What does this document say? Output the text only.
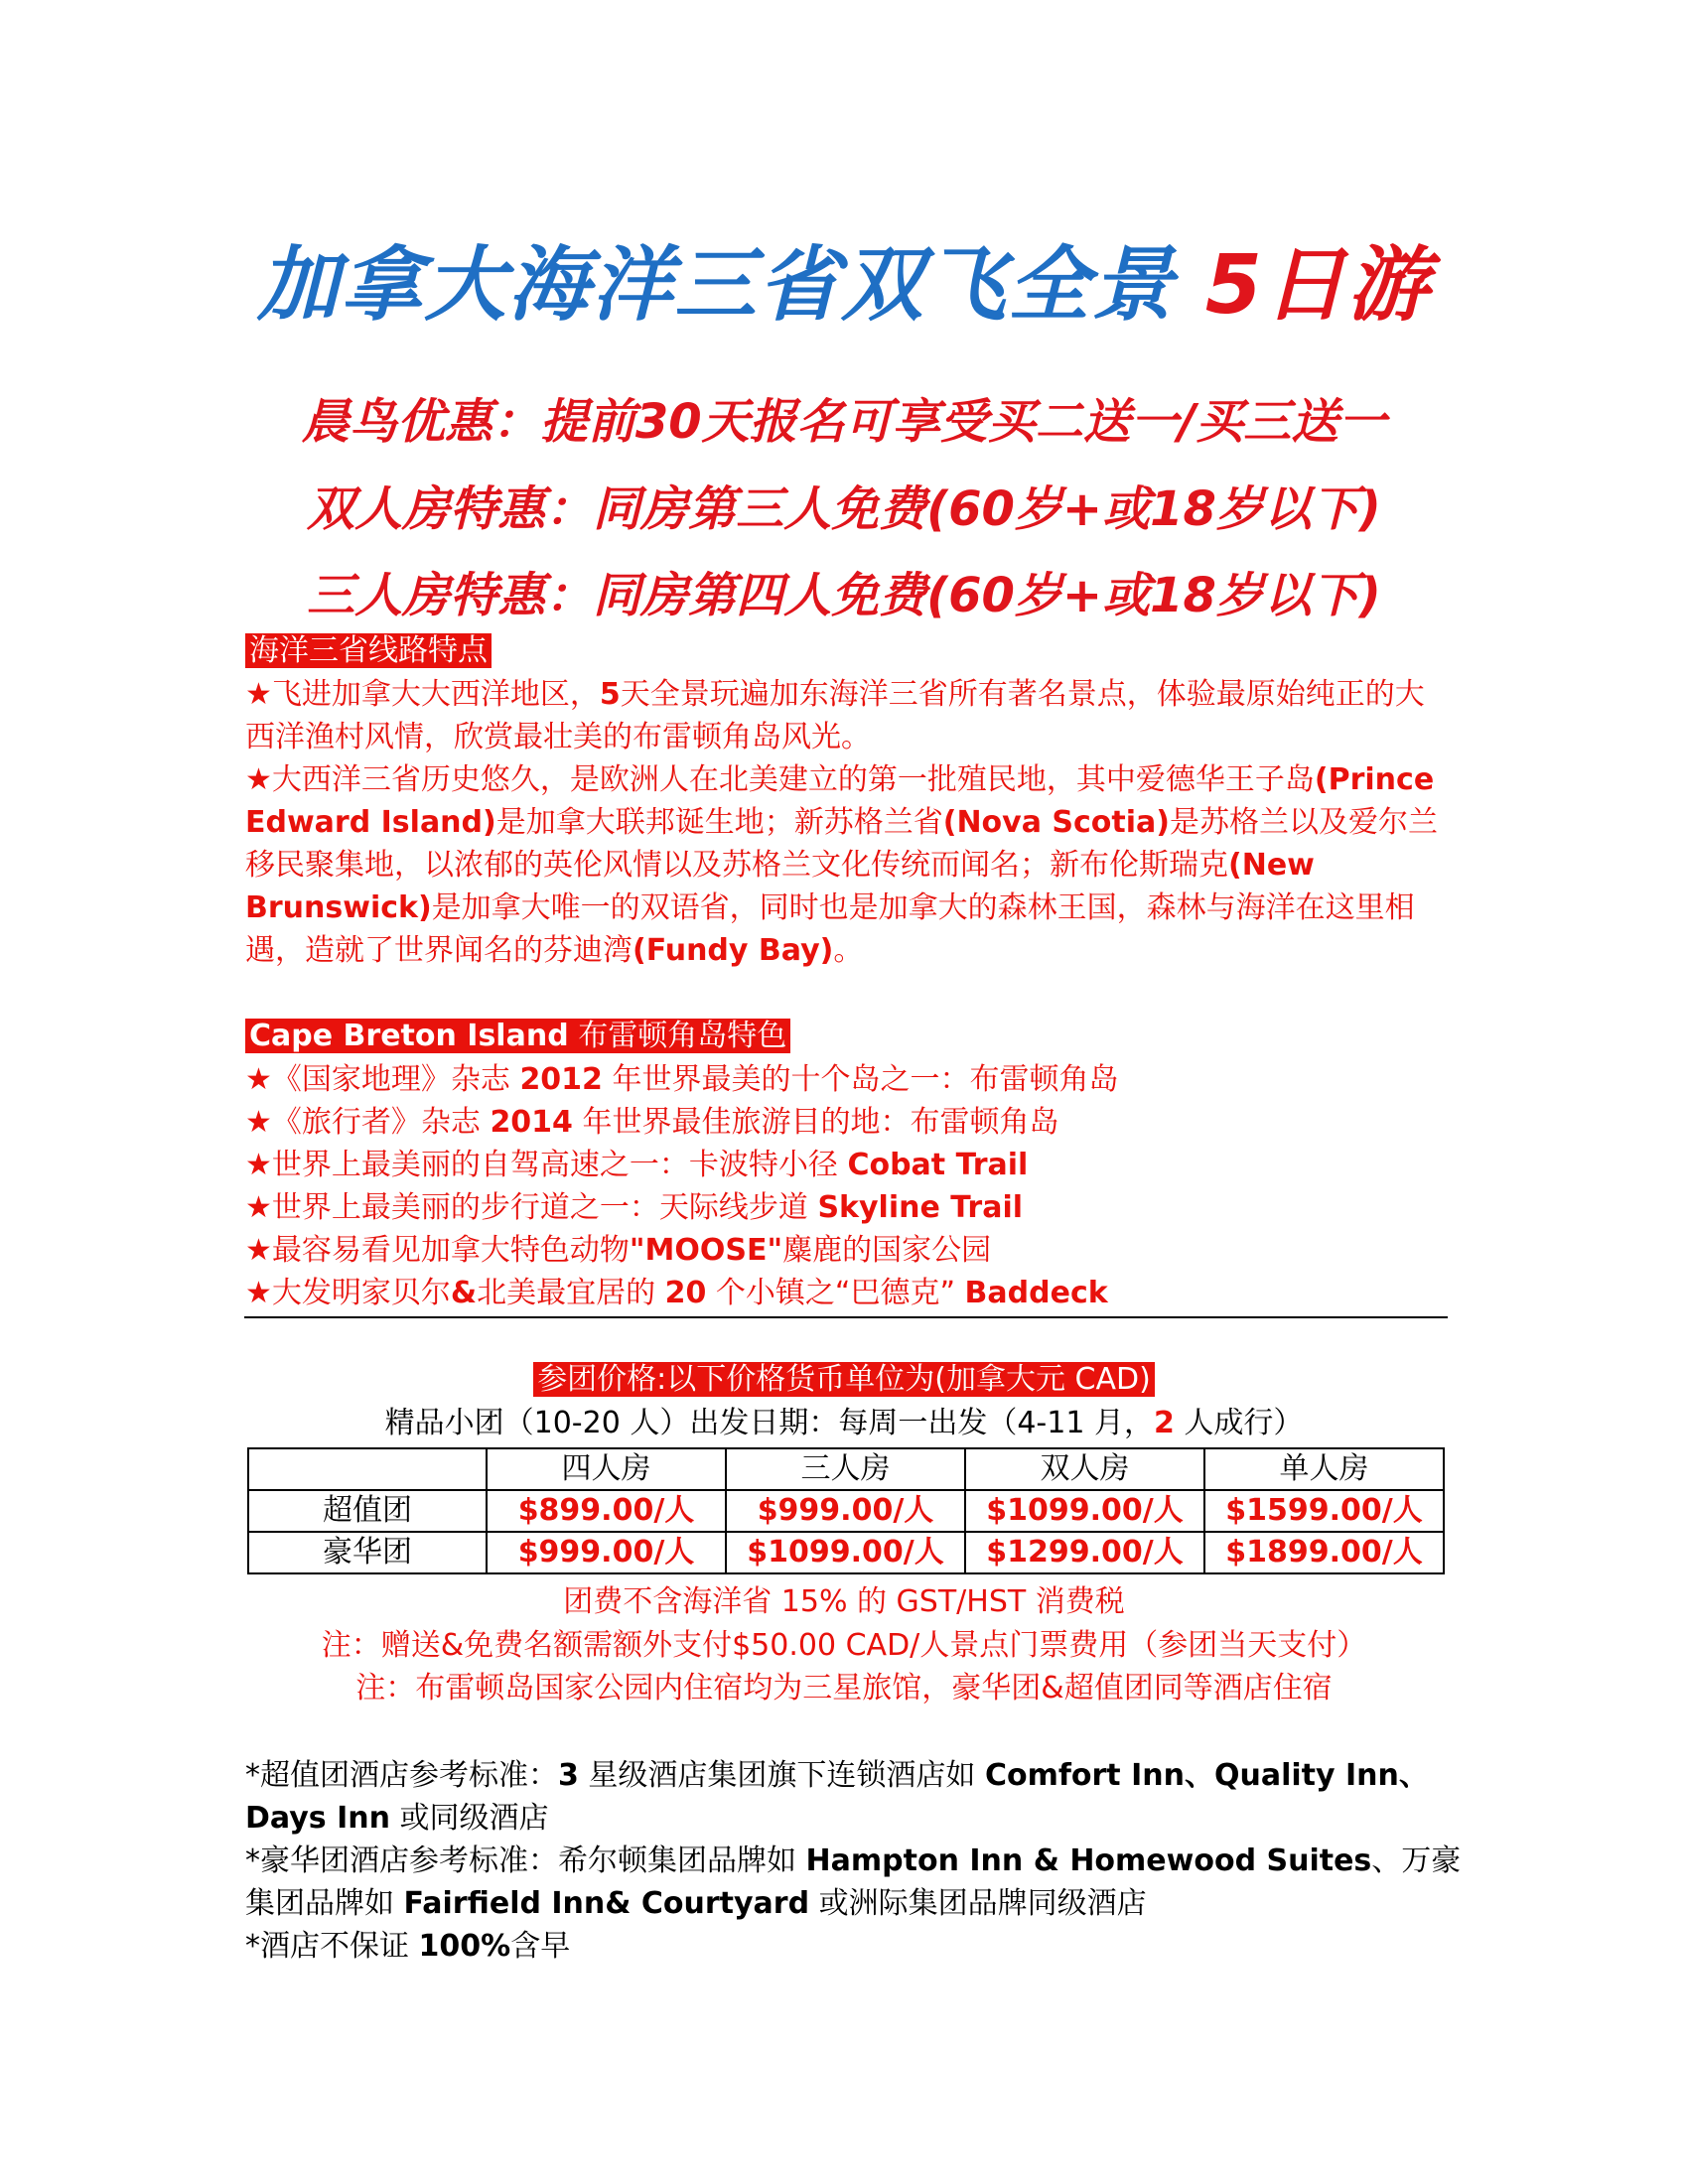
加拿大海洋三省双飞全景 5日游
晨鸟优惠：提前30天报名可享受买二送一/买三送一
双人房特惠：同房第三人免费(60岁+或18岁以下)
三人房特惠：同房第四人免费(60岁+或18岁以下)
海洋三省线路特点

★飞进加拿大大西洋地区，5天全景玩遍加东海洋三省所有著名景点，体验最原始纯正的大西洋渔村风情，欣赏最壮美的布雷顿角岛风光。

★大西洋三省历史悠久，是欧洲人在北美建立的第一批殖民地，其中爱德华王子岛(Prince Edward Island)是加拿大联邦诞生地；新苏格兰省(Nova Scotia)是苏格兰以及爱尔兰移民聚集地，以浓郁的英伦风情以及苏格兰文化传统而闻名；新布伦斯瑞克(New Brunswick)是加拿大唯一的双语省，同时也是加拿大的森林王国，森林与海洋在这里相遇，造就了世界闻名的芬迪湾(Fundy Bay)。

Cape Breton Island 布雷顿角岛特色
★《国家地理》杂志 2012 年世界最美的十个岛之一：布雷顿角岛
★《旅行者》杂志 2014 年世界最佳旅游目的地：布雷顿角岛
★世界上最美丽的自驾高速之一：卡波特小径 Cobat Trail
★世界上最美丽的步行道之一：天际线步道 Skyline Trail
★最容易看见加拿大特色动物"MOOSE"麋鹿的国家公园
★大发明家贝尔&北美最宜居的 20 个小镇之“巴德克” Baddeck
参团价格:以下价格货币单位为(加拿大元 CAD)
精品小团（10-20 人）出发日期：每周一出发（4-11 月，2 人成行）
	四人房	三人房	双人房	单人房
超值团	$899.00/人	$999.00/人	$1099.00/人	$1599.00/人
豪华团	$999.00/人	$1099.00/人	$1299.00/人	$1899.00/人
团费不含海洋省 15% 的 GST/HST 消费税
注：赠送&免费名额需额外支付$50.00 CAD/人景点门票费用（参团当天支付）
注：布雷顿岛国家公园内住宿均为三星旅馆，豪华团&超值团同等酒店住宿

*超值团酒店参考标准：3 星级酒店集团旗下连锁酒店如 Comfort Inn、Quality Inn、Days Inn 或同级酒店

*豪华团酒店参考标准：希尔顿集团品牌如 Hampton Inn & Homewood Suites、万豪集团品牌如 Fairfield Inn& Courtyard 或洲际集团品牌同级酒店

*酒店不保证 100%含早
